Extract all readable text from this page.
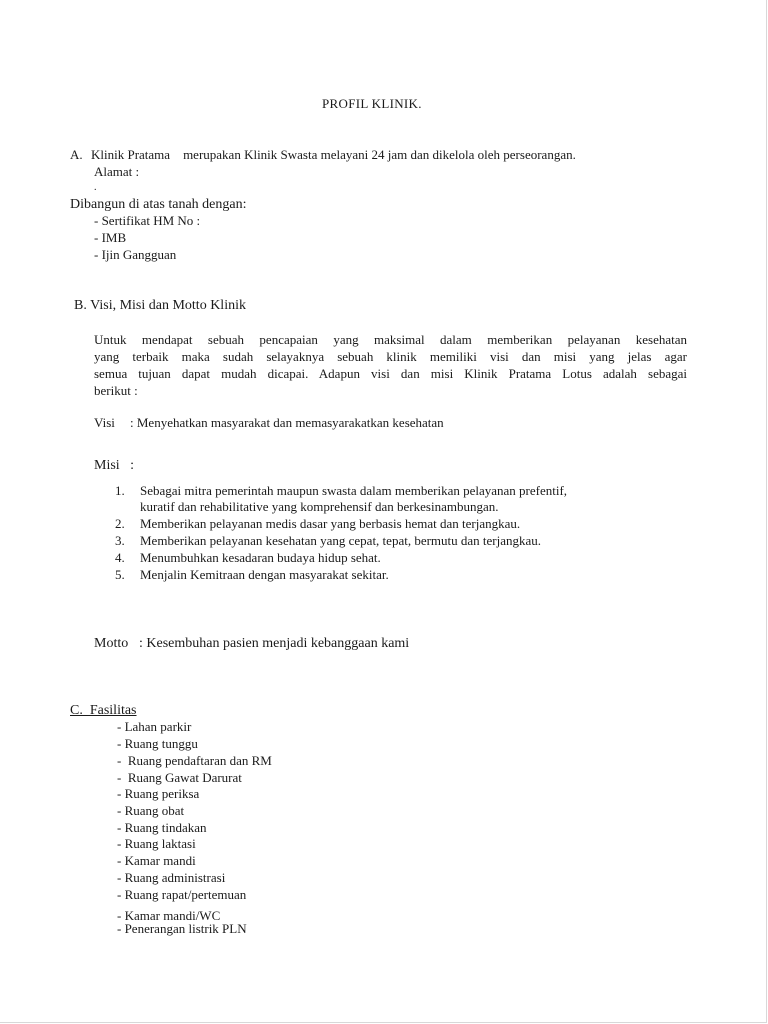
PROFIL KLINIK.
A. Klinik Pratama    merupakan Klinik Swasta melayani 24 jam dan dikelola oleh perseorangan.
Alamat :
.
Dibangun di atas tanah dengan:
- Sertifikat HM No :
- IMB
- Ijin Gangguan
B. Visi, Misi dan Motto Klinik
Untuk mendapat sebuah pencapaian yang maksimal dalam memberikan pelayanan kesehatan
yang terbaik maka sudah selayaknya sebuah klinik memiliki visi dan misi yang jelas agar
semua tujuan dapat mudah dicapai. Adapun visi dan misi Klinik Pratama Lotus adalah sebagai
berikut :
Visi : Menyehatkan masyarakat dan memasyarakatkan kesehatan
Misi   :
1. Sebagai mitra pemerintah maupun swasta dalam memberikan pelayanan prefentif,
kuratif dan rehabilitative yang komprehensif dan berkesinambungan.
2. Memberikan pelayanan medis dasar yang berbasis hemat dan terjangkau.
3. Memberikan pelayanan kesehatan yang cepat, tepat, bermutu dan terjangkau.
4. Menumbuhkan kesadaran budaya hidup sehat.
5. Menjalin Kemitraan dengan masyarakat sekitar.
Motto : Kesembuhan pasien menjadi kebanggaan kami
C.  Fasilitas
- Lahan parkir
- Ruang tunggu
-  Ruang pendaftaran dan RM
-  Ruang Gawat Darurat
- Ruang periksa
- Ruang obat
- Ruang tindakan
- Ruang laktasi
- Kamar mandi
- Ruang administrasi
- Ruang rapat/pertemuan
- Kamar mandi/WC
- Penerangan listrik PLN
